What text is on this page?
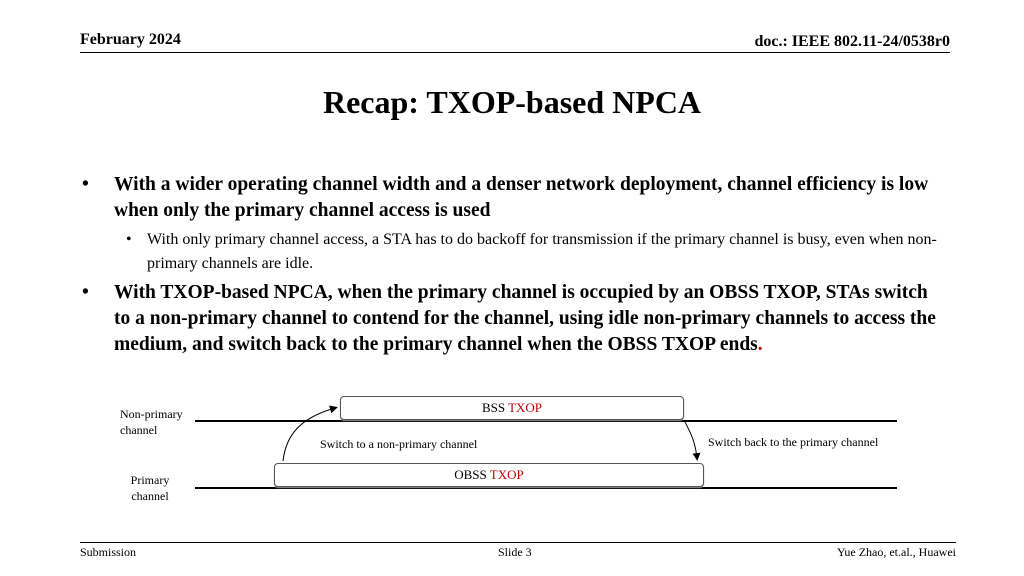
February 2024	doc.: IEEE 802.11-24/0538r0
Recap: TXOP-based NPCA
• With a wider operating channel width and a denser network deployment, channel efficiency is low when only the primary channel access is used
• With only primary channel access, a STA has to do backoff for transmission if the primary channel is busy, even when non-primary channels are idle.
• With TXOP-based NPCA, when the primary channel is occupied by an OBSS TXOP, STAs switch to a non-primary channel to contend for the channel, using idle non-primary channels to access the medium, and switch back to the primary channel when the OBSS TXOP ends.
Non-primary channel
Primary channel
BSS TXOP
OBSS TXOP
Switch to a non-primary channel	Switch back to the primary channel
Submission	Slide 3	Yue Zhao, et.al., Huawei
